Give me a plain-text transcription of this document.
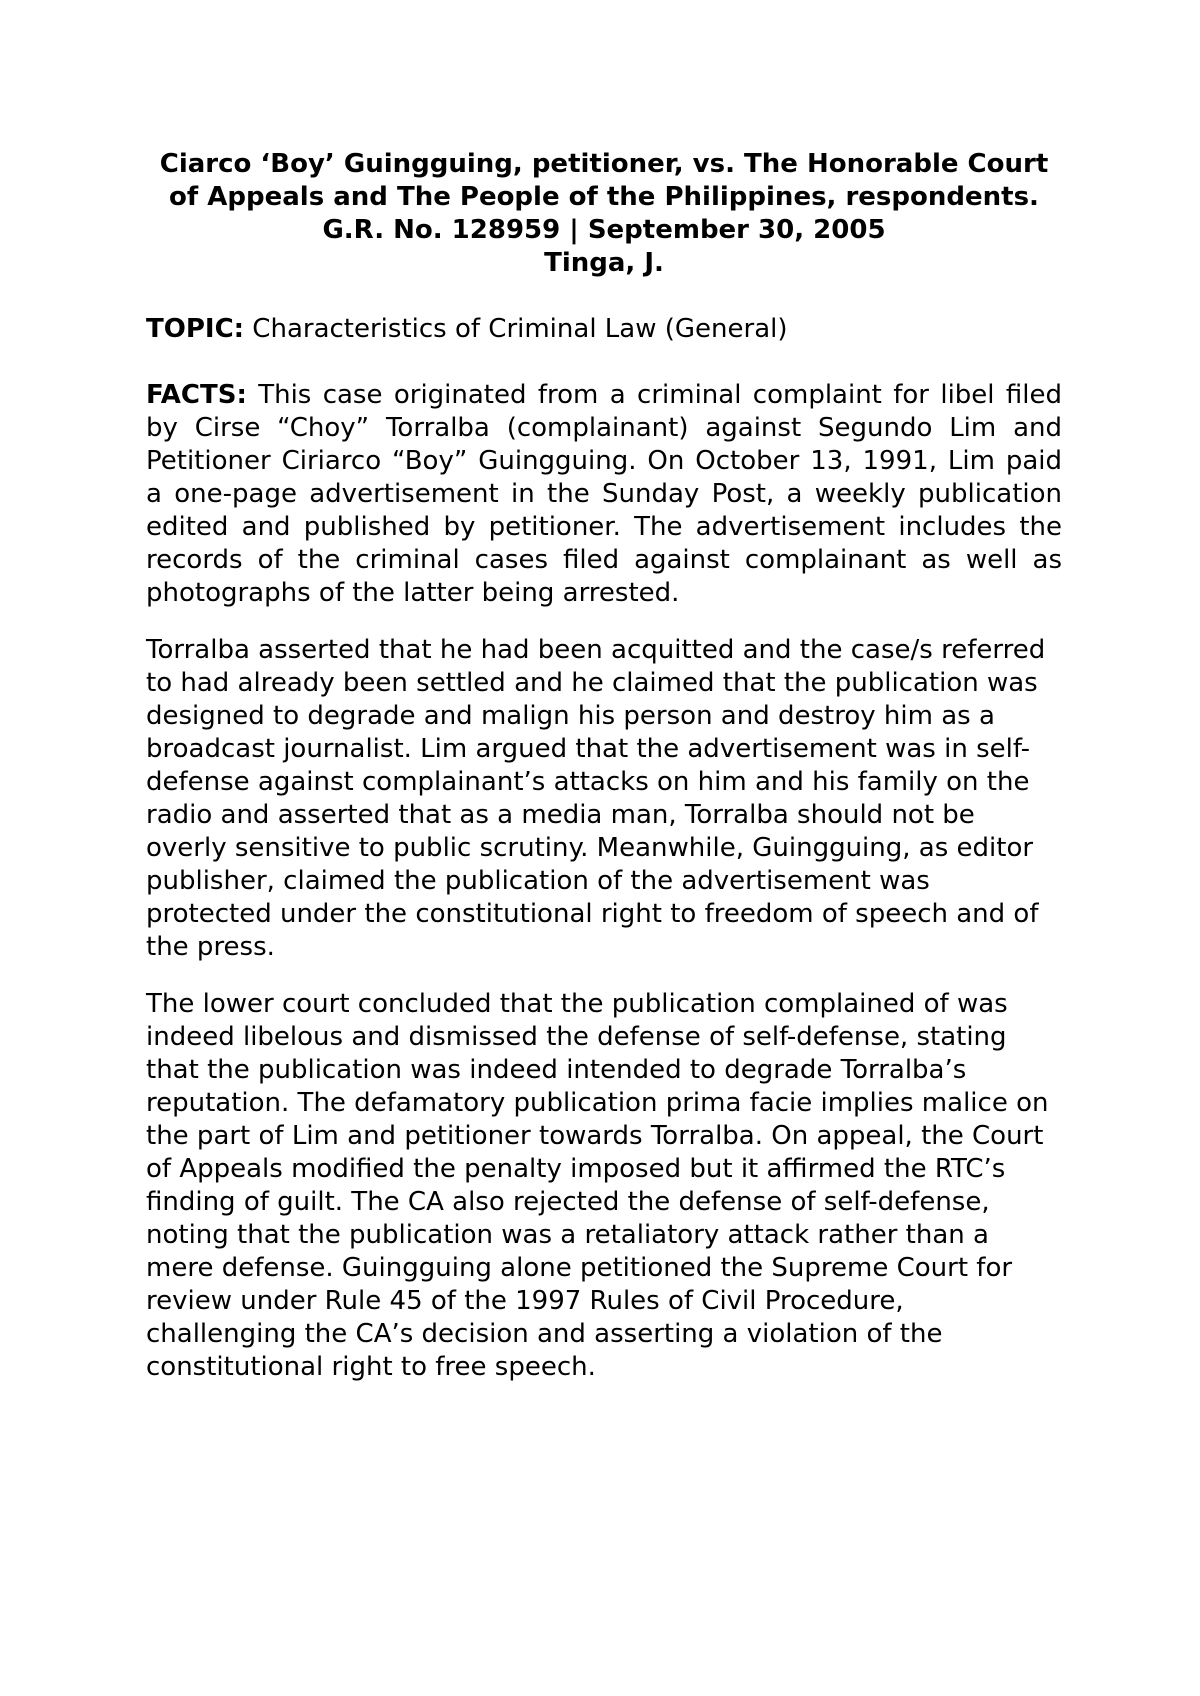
Ciarco ‘Boy’ Guingguing, petitioner, vs. The Honorable Court of Appeals and The People of the Philippines, respondents.
G.R. No. 128959 | September 30, 2005
Tinga, J.

TOPIC: Characteristics of Criminal Law (General)

FACTS: This case originated from a criminal complaint for libel filed by Cirse “Choy” Torralba (complainant) against Segundo Lim and Petitioner Ciriarco “Boy” Guingguing. On October 13, 1991, Lim paid a one-page advertisement in the Sunday Post, a weekly publication edited and published by petitioner. The advertisement includes the records of the criminal cases filed against complainant as well as photographs of the latter being arrested.

Torralba asserted that he had been acquitted and the case/s referred to had already been settled and he claimed that the publication was designed to degrade and malign his person and destroy him as a broadcast journalist. Lim argued that the advertisement was in self-defense against complainant’s attacks on him and his family on the radio and asserted that as a media man, Torralba should not be overly sensitive to public scrutiny. Meanwhile, Guingguing, as editor publisher, claimed the publication of the advertisement was protected under the constitutional right to freedom of speech and of the press.

The lower court concluded that the publication complained of was indeed libelous and dismissed the defense of self-defense, stating that the publication was indeed intended to degrade Torralba’s reputation. The defamatory publication prima facie implies malice on the part of Lim and petitioner towards Torralba. On appeal, the Court of Appeals modified the penalty imposed but it affirmed the RTC’s finding of guilt. The CA also rejected the defense of self-defense, noting that the publication was a retaliatory attack rather than a mere defense. Guingguing alone petitioned the Supreme Court for review under Rule 45 of the 1997 Rules of Civil Procedure, challenging the CA’s decision and asserting a violation of the constitutional right to free speech.
